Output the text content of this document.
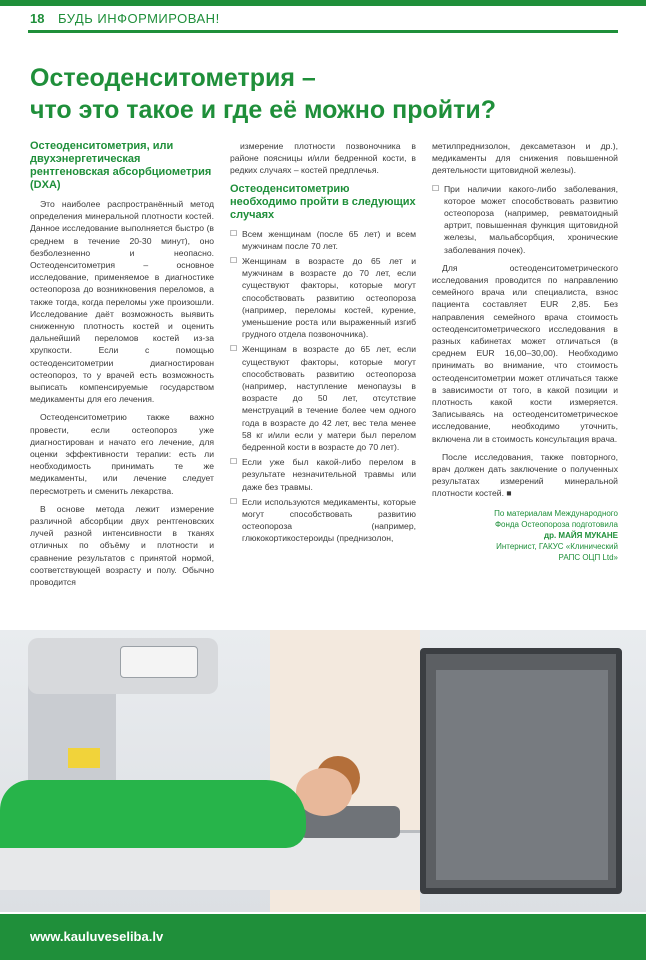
18 БУДЬ ИНФОРМИРОВАН!
Остеоденситометрия –
что это такое и где её можно пройти?
Остеоденситометрия, или двухэнергетическая рентгеновская абсорбциометрия (DXA)

Это наиболее распространённый метод определения минеральной плотности костей. Данное исследование выполняется быстро (в среднем в течение 20-30 минут), оно безболезненно и неопасно. Остеоденситометрия – основное исследование, применяемое в диагностике остеопороза до возникновения переломов, а также тогда, когда переломы уже произошли. Исследование даёт возможность выявить сниженную плотность костей и оценить дальнейший переломов костей из-за хрупкости. Если с помощью остеоденситометрии диагностирован остеопороз, то у врачей есть возможность выписать компенсируемые государством медикаменты для его лечения.

Остеоденситометрию также важно провести, если остеопороз уже диагностирован и начато его лечение, для оценки эффективности терапии: есть ли необходимость принимать те же медикаменты, или лечение следует пересмотреть и сменить лекарства.

В основе метода лежит измерение различной абсорбции двух рентгеновских лучей разной интенсивности в тканях отличных по объёму и плотности и сравнение результатов с принятой нормой, соответствующей возрасту и полу. Обычно проводится

измерение плотности позвоночника в районе поясницы и/или бедренной кости, в редких случаях – костей предплечья.

Остеоденситометрию необходимо пройти в следующих случаях
☐ Всем женщинам (после 65 лет) и всем мужчинам после 70 лет.
☐ Женщинам в возрасте до 65 лет и мужчинам в возрасте до 70 лет, если существуют факторы, которые могут способствовать развитию остеопороза (например, переломы костей, курение, уменьшение роста или выраженный изгиб грудного отдела позвоночника).
☐ Женщинам в возрасте до 65 лет, если существуют факторы, которые могут способствовать развитию остеопороза (например, наступление менопаузы в возрасте до 50 лет, отсутствие менструаций в течение более чем одного года в возрасте до 42 лет, вес тела менее 58 кг и/или если у матери был перелом бедренной кости в возрасте до 70 лет).
☐ Если уже был какой-либо перелом в результате незначительной травмы или даже без травмы.
☐ Если используются медикаменты, которые могут способствовать развитию остеопороза (например, глюкокортикостероиды (преднизолон,

метилпреднизолон, дексаметазон и др.), медикаменты для снижения повышенной деятельности щитовидной железы).

☐ При наличии какого-либо заболевания, которое может способствовать развитию остеопороза (например, ревматоидный артрит, повышенная функция щитовидной железы, мальабсорбция, хронические заболевания почек).

Для остеоденситометрического исследования проводится по направлению семейного врача или специалиста, взнос пациента составляет EUR 2,85. Без направления семейного врача стоимость остеоденситометрического исследования в разных кабинетах может отличаться (в среднем EUR 16,00–30,00). Необходимо принимать во внимание, что стоимость остеоденситометрии может отличаться также в зависимости от того, в какой позиции и плотность какой кости измеряется. Записываясь на остеоденситометрическое исследование, необходимо уточнить, включена ли в стоимость консультация врача.

После исследования, также повторного, врач должен дать заключение о полученных результатах измерений минеральной плотности костей. ■

По материалам Международного
Фонда Остеопороза подготовила
др. МАЙЯ МУКАНЕ
Интернист, ГАКУС «Клинический
РАПС ОЦП Ltd»
www.kauluveseliba.lv
